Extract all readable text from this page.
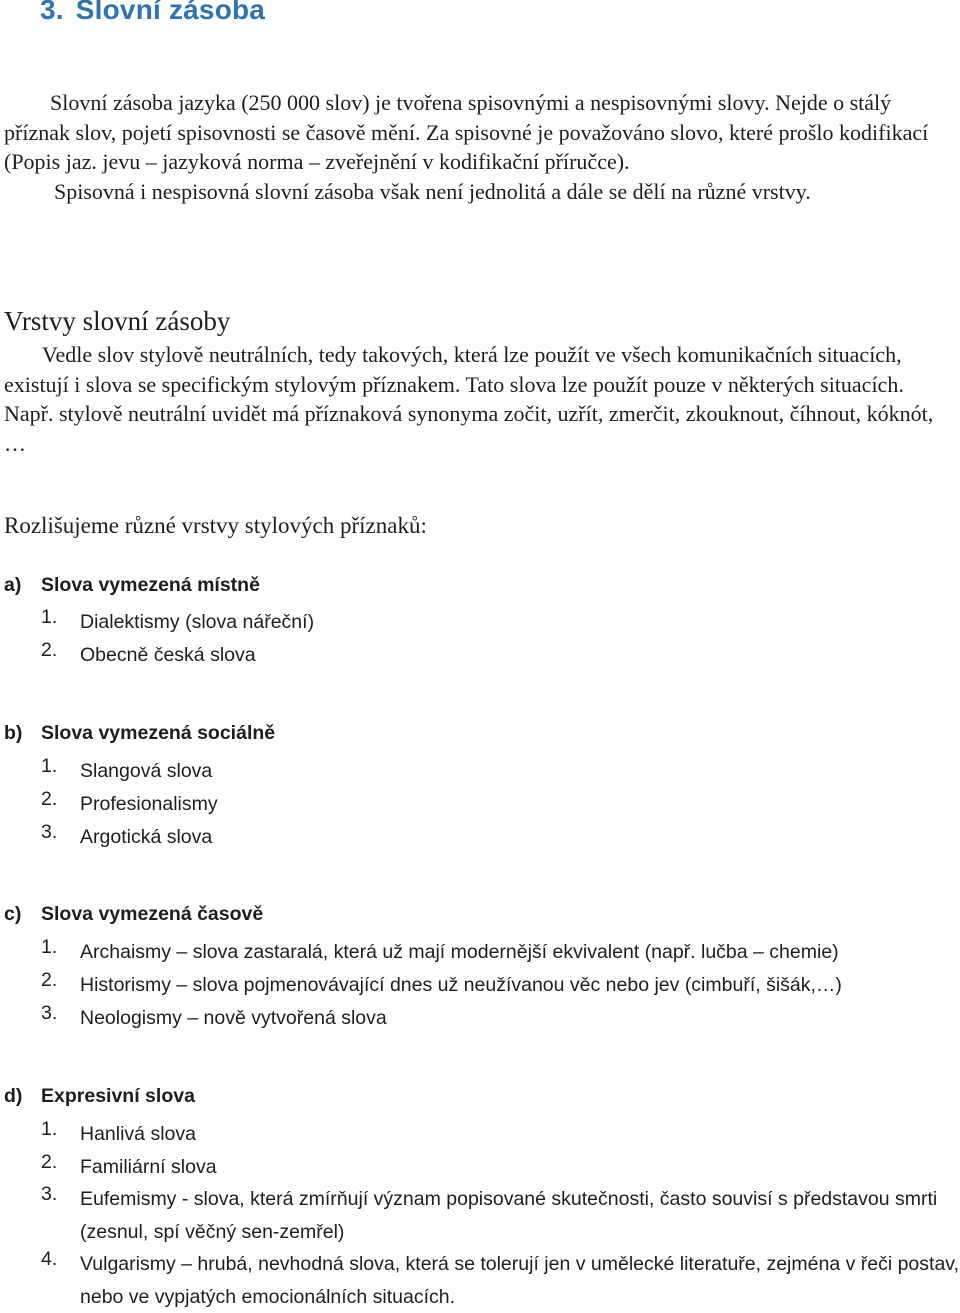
3. Slovní zásoba

Slovní zásoba jazyka (250 000 slov) je tvořena spisovnými a nespisovnými slovy. Nejde o stálý příznak slov, pojetí spisovnosti se časově mění. Za spisovné je považováno slovo, které prošlo kodifikací (Popis jaz. jevu – jazyková norma – zveřejnění v kodifikační příručce).

Spisovná i nespisovná slovní zásoba však není jednolitá a dále se dělí na různé vrstvy.

Vrstvy slovní zásoby

Vedle slov stylově neutrálních, tedy takových, která lze použít ve všech komunikačních situacích, existují i slova se specifickým stylovým příznakem. Tato slova lze použít pouze v některých situacích.

Např. stylově neutrální uvidět má příznaková synonyma zočit, uzřít, zmerčit, zkouknout, číhnout, kóknót, …

Rozlišujeme různé vrstvy stylových příznaků:
a) Slova vymezená místně
1. Dialektismy (slova nářeční)
2. Obecně česká slova
b) Slova vymezená sociálně
1. Slangová slova
2. Profesionalismy
3. Argotická slova
c) Slova vymezená časově
1. Archaismy – slova zastaralá, která už mají modernější ekvivalent (např. lučba – chemie)
2. Historismy – slova pojmenovávající dnes už neužívanou věc nebo jev (cimbuří, šišák,…)
3. Neologismy – nově vytvořená slova
d) Expresivní slova
1. Hanlivá slova
2. Familiární slova
3. Eufemismy - slova, která zmírňují význam popisované skutečnosti, často souvisí s představou smrti (zesnul, spí věčný sen-zemřel)
4. Vulgarismy – hrubá, nevhodná slova, která se tolerují jen v umělecké literatuře, zejména v řeči postav, nebo ve vypjatých emocionálních situacích.
